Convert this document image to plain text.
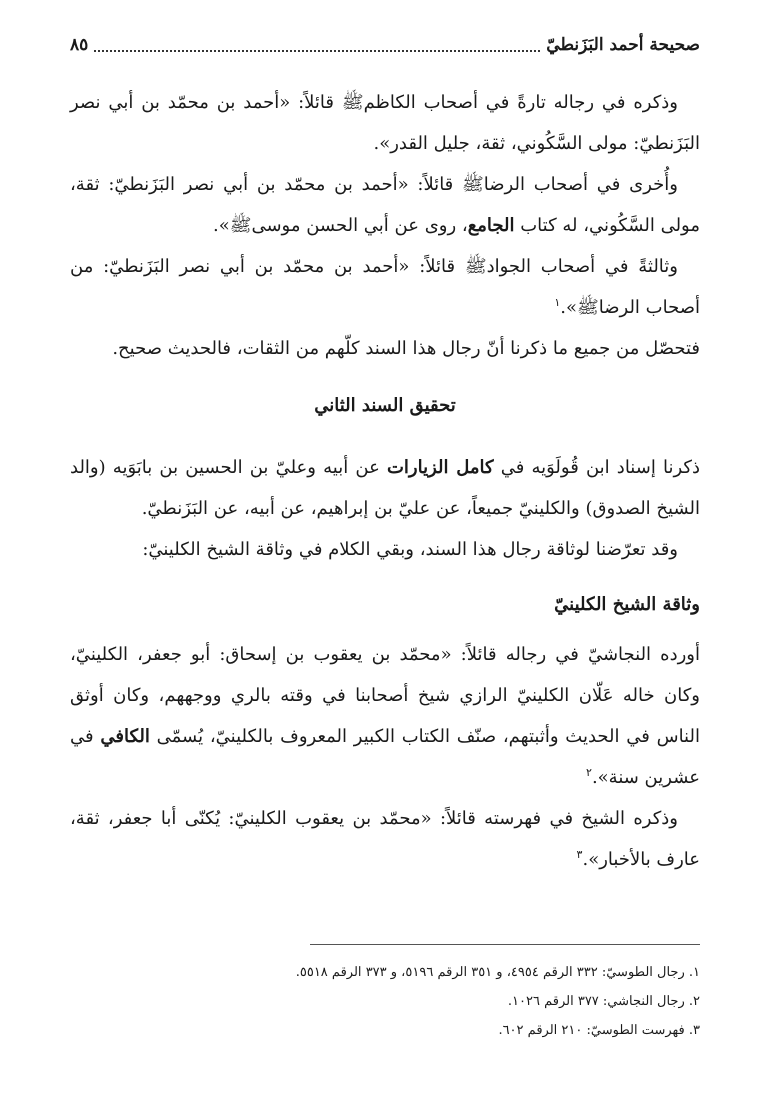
صحيحة أحمد البَزَنطيّ
٨٥

وذكره في رجاله تارةً في أصحاب الكاظمﷺ قائلاً: «أحمد بن محمّد بن أبي نصر البَزَنطيّ: مولى السَّكُوني، ثقة، جليل القدر».

وأُخرى في أصحاب الرضاﷺ قائلاً: «أحمد بن محمّد بن أبي نصر البَزَنطيّ: ثقة، مولى السَّكُوني، له كتاب الجامع، روى عن أبي الحسن موسىﷺ».

وثالثةً في أصحاب الجوادﷺ قائلاً: «أحمد بن محمّد بن أبي نصر البَزَنطيّ: من أصحاب الرضاﷺ».$^١$

فتحصّل من جميع ما ذكرنا أنّ رجال هذا السند كلّهم من الثقات، فالحديث صحيح.

تحقيق السند الثاني

ذكرنا إسناد ابن قُولَوَيه في كامل الزيارات عن أبيه وعليّ بن الحسين بن بابَوَيه (والد الشيخ الصدوق) والكلينيّ جميعاً، عن عليّ بن إبراهيم، عن أبيه، عن البَزَنطيّ.

وقد تعرّضنا لوثاقة رجال هذا السند، وبقي الكلام في وثاقة الشيخ الكلينيّ:

وثاقة الشيخ الكلينيّ

أورده النجاشيّ في رجاله قائلاً: «محمّد بن يعقوب بن إسحاق: أبو جعفر، الكلينيّ، وكان خاله عَلّان الكلينيّ الرازي شيخ أصحابنا في وقته بالري ووجههم، وكان أوثق الناس في الحديث وأثبتهم، صنّف الكتاب الكبير المعروف بالكلينيّ، يُسمّى الكافي في عشرين سنة».$^٢$

وذكره الشيخ في فهرسته قائلاً: «محمّد بن يعقوب الكلينيّ: يُكنّى أبا جعفر، ثقة، عارف بالأخبار».$^٣$

١. رجال الطوسيّ: ٣٣٢ الرقم ٤٩٥٤، و ٣٥١ الرقم ٥١٩٦، و ٣٧٣ الرقم ٥٥١٨.
٢. رجال النجاشي: ٣٧٧ الرقم ١٠٢٦.
٣. فهرست الطوسيّ: ٢١٠ الرقم ٦٠٢.
